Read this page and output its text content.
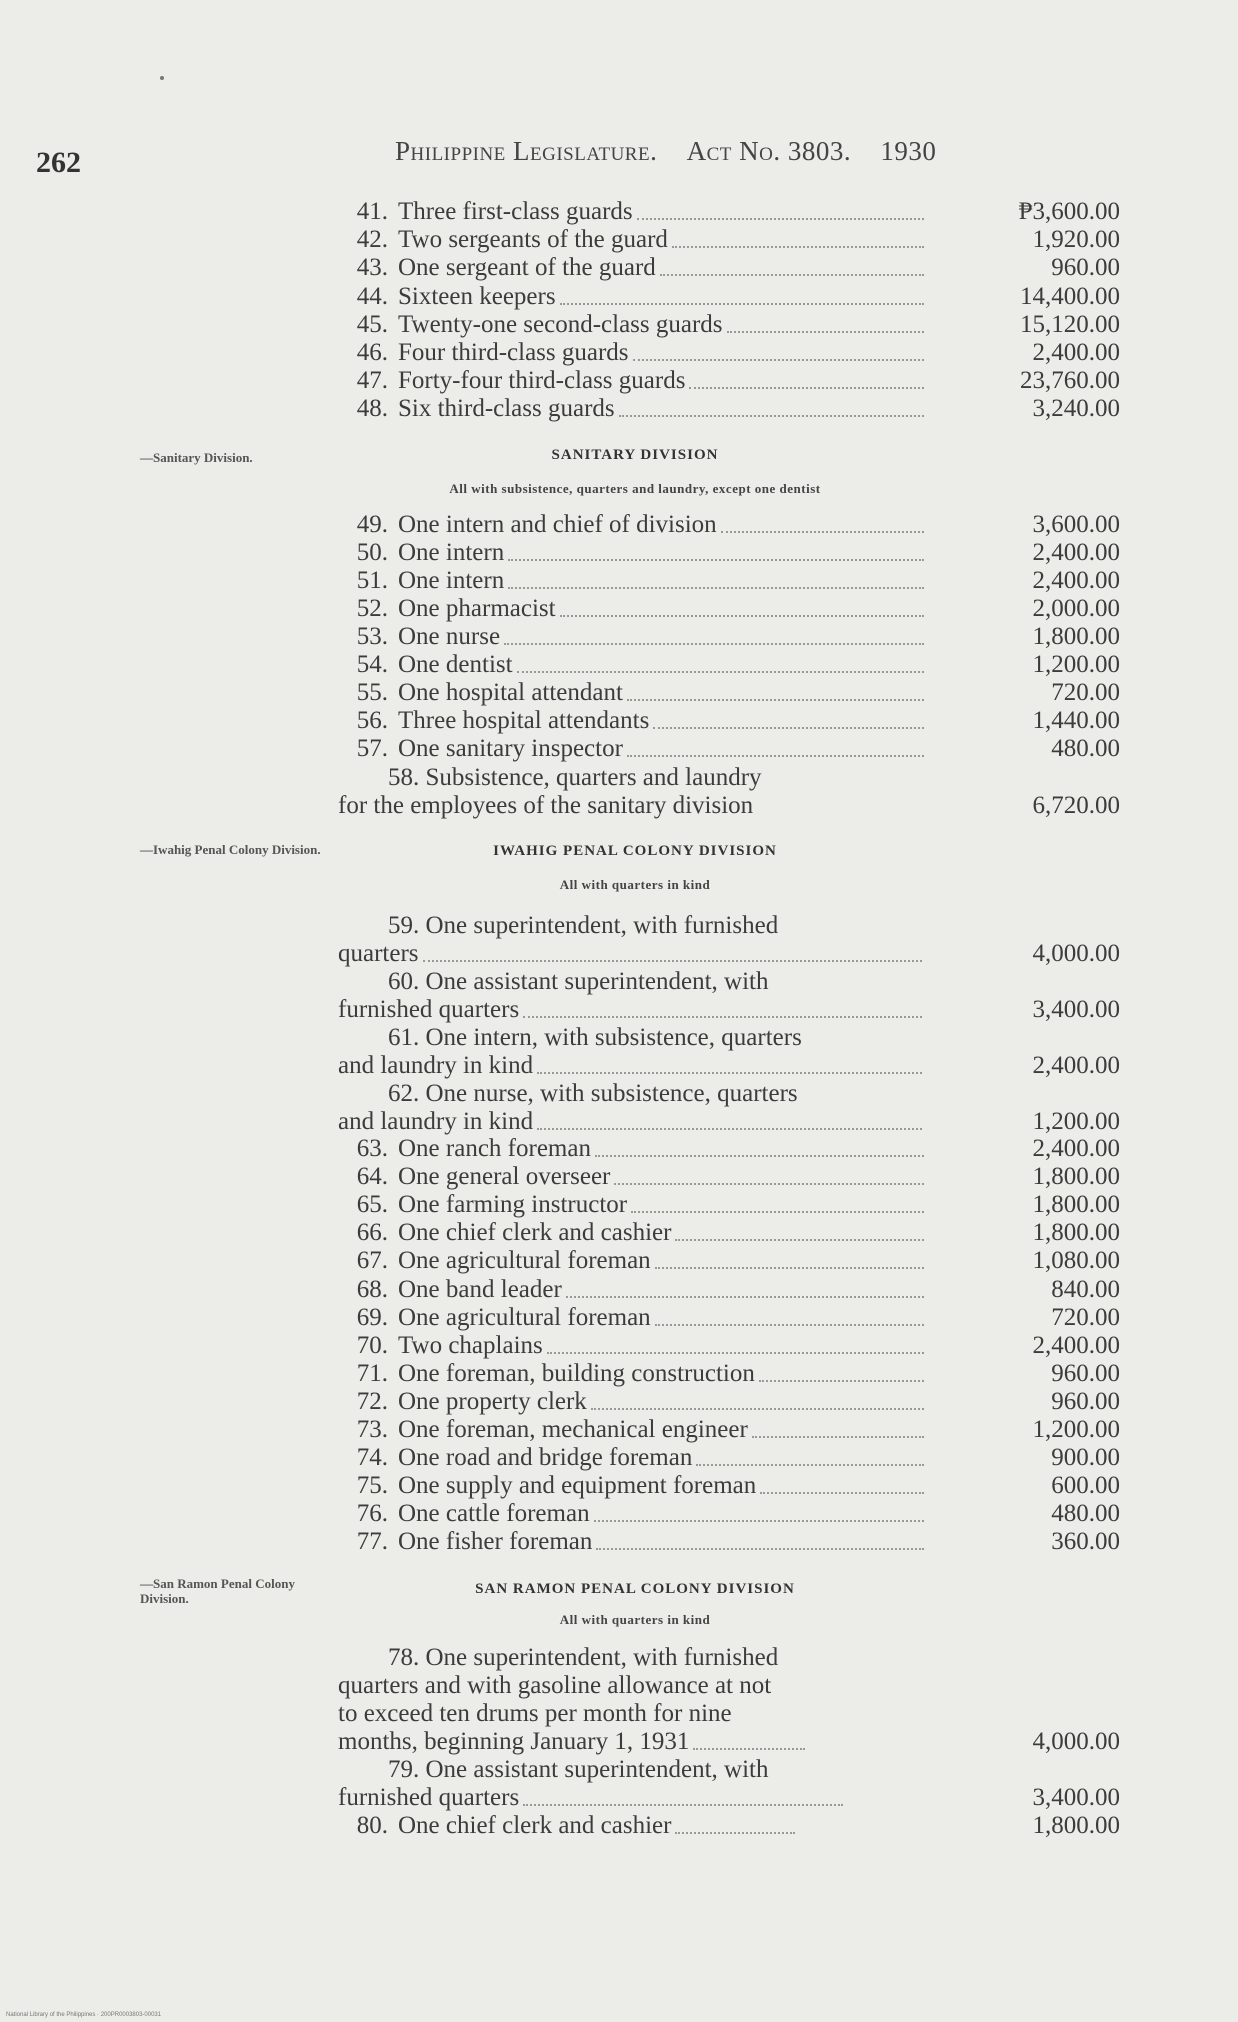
262	Philippine Legislature. Act No. 3803. 1930
41. Three first-class guards	₱3,600.00
42. Two sergeants of the guard	1,920.00
43. One sergeant of the guard	960.00
44. Sixteen keepers	14,400.00
45. Twenty-one second-class guards	15,120.00
46. Four third-class guards	2,400.00
47. Forty-four third-class guards	23,760.00
48. Six third-class guards	3,240.00
—Sanitary Division.	SANITARY DIVISION
All with subsistence, quarters and laundry, except one dentist
49. One intern and chief of division	3,600.00
50. One intern	2,400.00
51. One intern	2,400.00
52. One pharmacist	2,000.00
53. One nurse	1,800.00
54. One dentist	1,200.00
55. One hospital attendant	720.00
56. Three hospital attendants	1,440.00
57. One sanitary inspector	480.00
58. Subsistence, quarters and laundry
for the employees of the sanitary division	6,720.00
—Iwahig Penal Colony Division.	IWAHIG PENAL COLONY DIVISION
All with quarters in kind
59. One superintendent, with furnished
quarters	4,000.00
60. One assistant superintendent, with
furnished quarters	3,400.00
61. One intern, with subsistence, quarters
and laundry in kind	2,400.00
62. One nurse, with subsistence, quarters
and laundry in kind	1,200.00
63. One ranch foreman	2,400.00
64. One general overseer	1,800.00
65. One farming instructor	1,800.00
66. One chief clerk and cashier	1,800.00
67. One agricultural foreman	1,080.00
68. One band leader	840.00
69. One agricultural foreman	720.00
70. Two chaplains	2,400.00
71. One foreman, building construction	960.00
72. One property clerk	960.00
73. One foreman, mechanical engineer	1,200.00
74. One road and bridge foreman	900.00
75. One supply and equipment foreman	600.00
76. One cattle foreman	480.00
77. One fisher foreman	360.00
—San Ramon Penal Colony Division.
SAN RAMON PENAL COLONY DIVISION
All with quarters in kind
78. One superintendent, with furnished
quarters and with gasoline allowance at not
to exceed ten drums per month for nine
months, beginning January 1, 1931	4,000.00
79. One assistant superintendent, with
furnished quarters	3,400.00
80. One chief clerk and cashier	1,800.00
National Library of the Philippines · 200PR0003803-00031
